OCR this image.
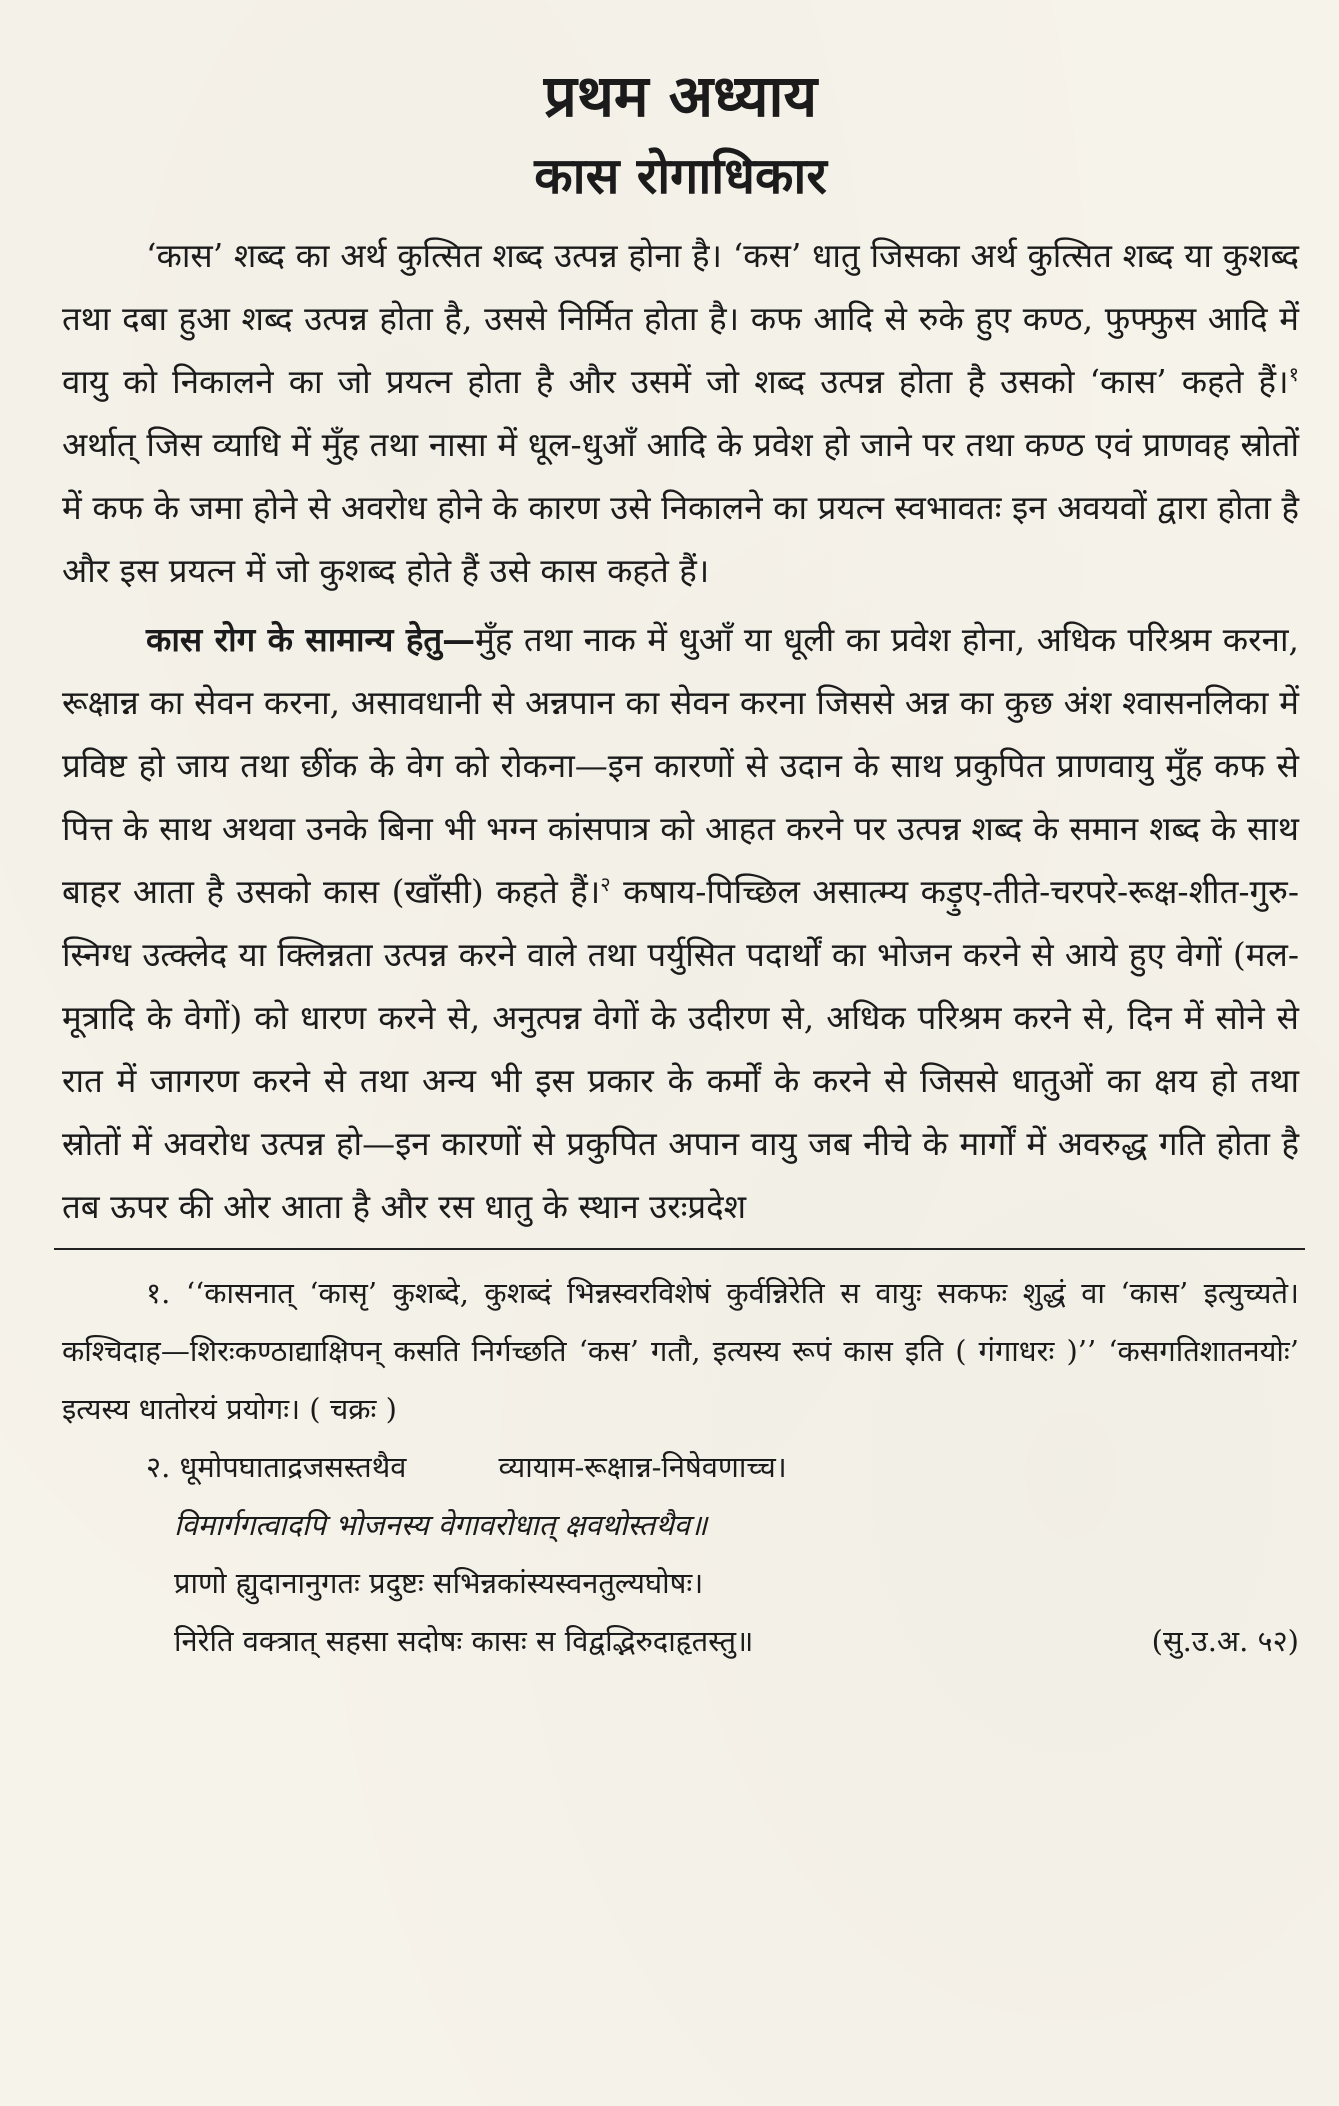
प्रथम अध्याय
कास रोगाधिकार

‘कास’ शब्द का अर्थ कुत्सित शब्द उत्पन्न होना है। ‘कस’ धातु जिसका अर्थ कुत्सित शब्द या कुशब्द तथा दबा हुआ शब्द उत्पन्न होता है, उससे निर्मित होता है। कफ आदि से रुके हुए कण्ठ, फुफ्फुस आदि में वायु को निकालने का जो प्रयत्न होता है और उसमें जो शब्द उत्पन्न होता है उसको ‘कास’ कहते हैं।$^१$ अर्थात् जिस व्याधि में मुँह तथा नासा में धूल-धुआँ आदि के प्रवेश हो जाने पर तथा कण्ठ एवं प्राणवह स्रोतों में कफ के जमा होने से अवरोध होने के कारण उसे निकालने का प्रयत्न स्वभावतः इन अवयवों द्वारा होता है और इस प्रयत्न में जो कुशब्द होते हैं उसे कास कहते हैं।

कास रोग के सामान्य हेतु—मुँह तथा नाक में धुआँ या धूली का प्रवेश होना, अधिक परिश्रम करना, रूक्षान्न का सेवन करना, असावधानी से अन्नपान का सेवन करना जिससे अन्न का कुछ अंश श्वासनलिका में प्रविष्ट हो जाय तथा छींक के वेग को रोकना—इन कारणों से उदान के साथ प्रकुपित प्राणवायु मुँह कफ से पित्त के साथ अथवा उनके बिना भी भग्न कांसपात्र को आहत करने पर उत्पन्न शब्द के समान शब्द के साथ बाहर आता है उसको कास (खाँसी) कहते हैं।$^२$ कषाय-पिच्छिल असात्म्य कड़ुए-तीते-चरपरे-रूक्ष-शीत-गुरु-स्निग्ध उत्क्लेद या क्लिन्नता उत्पन्न करने वाले तथा पर्युसित पदार्थों का भोजन करने से आये हुए वेगों (मल-मूत्रादि के वेगों) को धारण करने से, अनुत्पन्न वेगों के उदीरण से, अधिक परिश्रम करने से, दिन में सोने से रात में जागरण करने से तथा अन्य भी इस प्रकार के कर्मों के करने से जिससे धातुओं का क्षय हो तथा स्रोतों में अवरोध उत्पन्न हो—इन कारणों से प्रकुपित अपान वायु जब नीचे के मार्गों में अवरुद्ध गति होता है तब ऊपर की ओर आता है और रस धातु के स्थान उरःप्रदेश

१. ‘‘कासनात् ‘कासृ’ कुशब्दे, कुशब्दं भिन्नस्वरविशेषं कुर्वन्निरेति स वायुः सकफः शुद्धं वा ‘कास’ इत्युच्यते। कश्चिदाह—शिरःकण्ठाद्याक्षिपन् कसति निर्गच्छति ‘कस’ गतौ, इत्यस्य रूपं कास इति ( गंगाधरः )’’ ‘कसगतिशातनयोः’ इत्यस्य धातोरयं प्रयोगः। ( चक्रः )

२. धूमोपघाताद्रजसस्तथैव          व्यायाम-रूक्षान्न-निषेवणाच्च।
विमार्गगत्वादपि भोजनस्य वेगावरोधात् क्षवथोस्तथैव॥
प्राणो ह्युदानानुगतः प्रदुष्टः सभिन्नकांस्यस्वनतुल्यघोषः।
निरेति वक्त्रात् सहसा सदोषः कासः स विद्वद्भिरुदाहृतस्तु॥	(सु.उ.अ. ५२)
